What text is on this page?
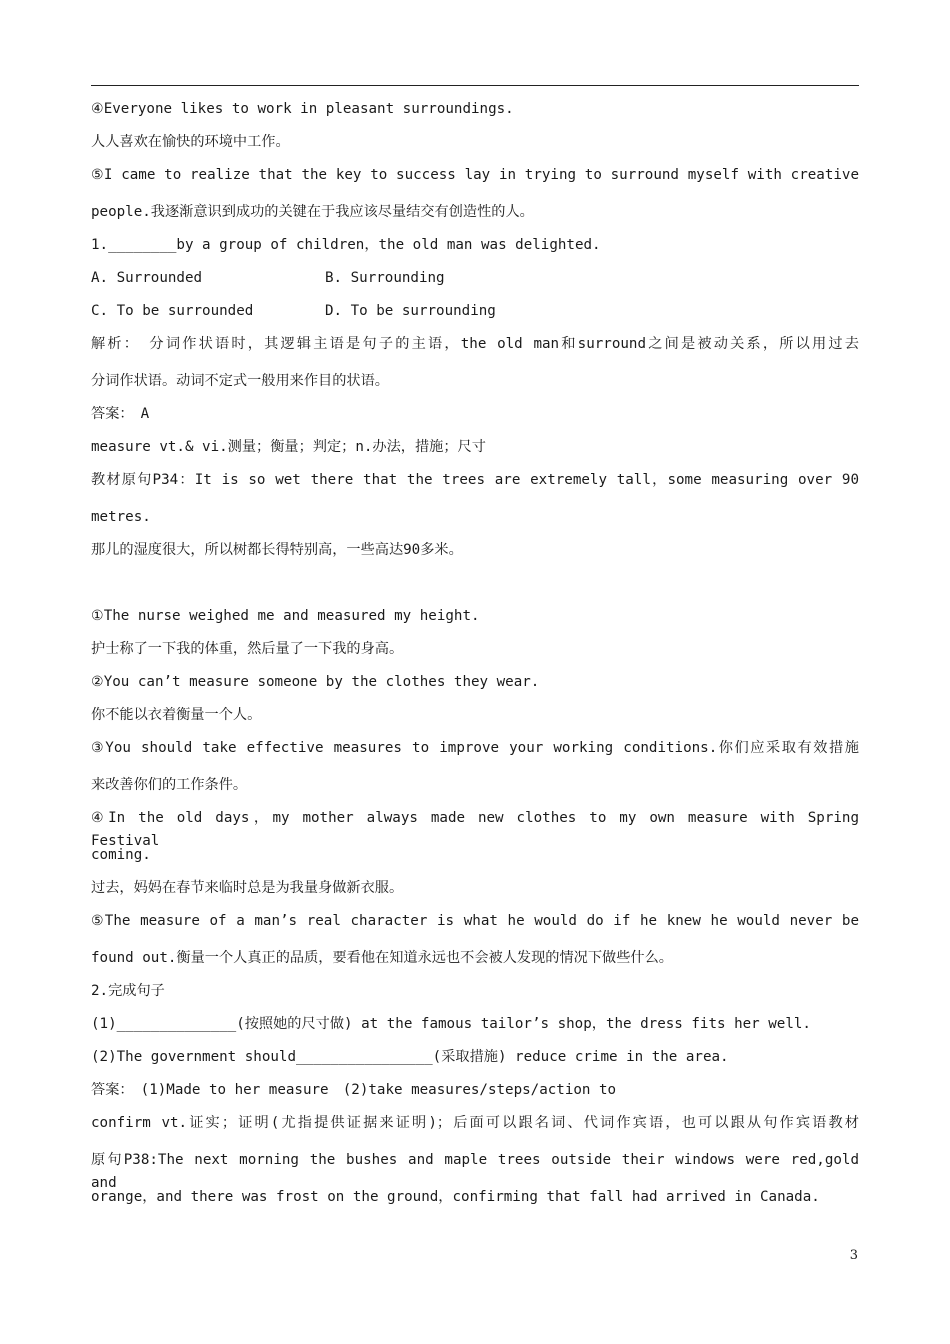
④Everyone likes to work in pleasant surroundings.
人人喜欢在愉快的环境中工作。
⑤I came to realize that the key to success lay in trying to surround myself with creative
people.我逐渐意识到成功的关键在于我应该尽量结交有创造性的人。
1.________by a group of children，the old man was delighted.
A. Surrounded	B. Surrounding
C. To be surrounded	D. To be surrounding
解析：　分词作状语时，其逻辑主语是句子的主语，the old man和surround之间是被动关系，所以用过去
分词作状语。动词不定式一般用来作目的状语。
答案：　A
measure vt.& vi.测量；衡量；判定；n.办法，措施；尺寸
教材原句P34：It is so wet there that the trees are extremely tall，some measuring over 90
metres.
那儿的湿度很大，所以树都长得特别高，一些高达90多米。
①The nurse weighed me and measured my height.
护士称了一下我的体重，然后量了一下我的身高。
②You can’t measure someone by the clothes they wear.
你不能以衣着衡量一个人。
③You should take effective measures to improve your working conditions.你们应采取有效措施
来改善你们的工作条件。
④In the old days，my mother always made new clothes to my own measure with Spring Festival
coming.
过去，妈妈在春节来临时总是为我量身做新衣服。
⑤The measure of a man’s real character is what he would do if he knew he would never be
found out.衡量一个人真正的品质，要看他在知道永远也不会被人发现的情况下做些什么。
2.完成句子
(1)______________(按照她的尺寸做) at the famous tailor’s shop，the dress fits her well.
(2)The government should________________(采取措施) reduce crime in the area.
答案：　(1)Made to her measure　(2)take measures/steps/action to
confirm vt.证实；证明(尤指提供证据来证明)；后面可以跟名词、代词作宾语，也可以跟从句作宾语教材
原句P38:The next morning the bushes and maple trees outside their windows were red,gold and
orange，and there was frost on the ground，confirming that fall had arrived in Canada.
3
